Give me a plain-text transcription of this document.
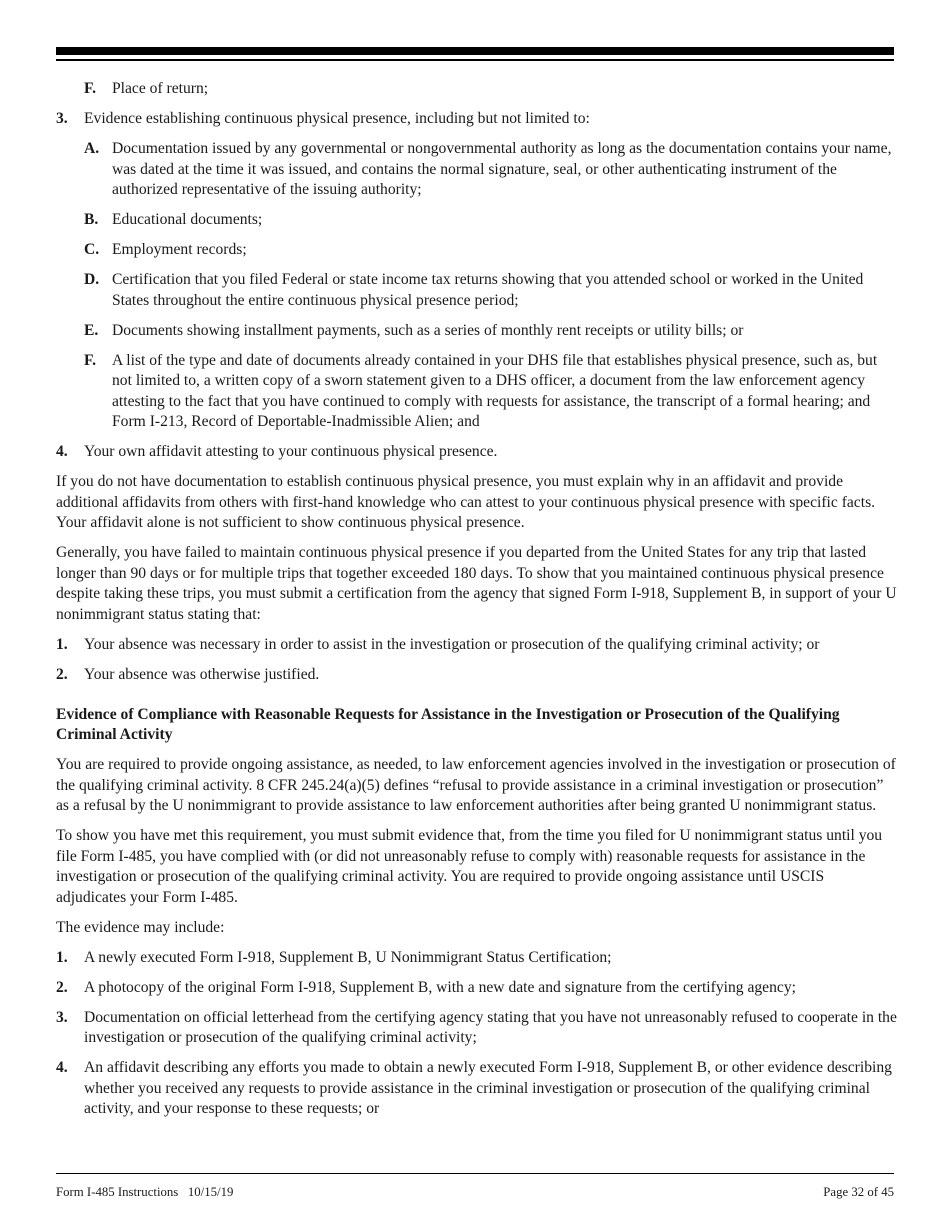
F.	Place of return;
3.	Evidence establishing continuous physical presence, including but not limited to:
A. Documentation issued by any governmental or nongovernmental authority as long as the documentation contains your name, was dated at the time it was issued, and contains the normal signature, seal, or other authenticating instrument of the authorized representative of the issuing authority;
B. Educational documents;
C. Employment records;
D. Certification that you filed Federal or state income tax returns showing that you attended school or worked in the United States throughout the entire continuous physical presence period;
E. Documents showing installment payments, such as a series of monthly rent receipts or utility bills; or
F.	A list of the type and date of documents already contained in your DHS file that establishes physical presence, such as, but not limited to, a written copy of a sworn statement given to a DHS officer, a document from the law enforcement agency attesting to the fact that you have continued to comply with requests for assistance, the transcript of a formal hearing; and Form I-213, Record of Deportable-Inadmissible Alien; and
4.	Your own affidavit attesting to your continuous physical presence.

If you do not have documentation to establish continuous physical presence, you must explain why in an affidavit and provide additional affidavits from others with first-hand knowledge who can attest to your continuous physical presence with specific facts. Your affidavit alone is not sufficient to show continuous physical presence.

Generally, you have failed to maintain continuous physical presence if you departed from the United States for any trip that lasted longer than 90 days or for multiple trips that together exceeded 180 days. To show that you maintained continuous physical presence despite taking these trips, you must submit a certification from the agency that signed Form I-918, Supplement B, in support of your U nonimmigrant status stating that:

1.	Your absence was necessary in order to assist in the investigation or prosecution of the qualifying criminal activity; or
2.	Your absence was otherwise justified.

Evidence of Compliance with Reasonable Requests for Assistance in the Investigation or Prosecution of the Qualifying Criminal Activity

You are required to provide ongoing assistance, as needed, to law enforcement agencies involved in the investigation or prosecution of the qualifying criminal activity. 8 CFR 245.24(a)(5) defines “refusal to provide assistance in a criminal investigation or prosecution” as a refusal by the U nonimmigrant to provide assistance to law enforcement authorities after being granted U nonimmigrant status.

To show you have met this requirement, you must submit evidence that, from the time you filed for U nonimmigrant status until you file Form I-485, you have complied with (or did not unreasonably refuse to comply with) reasonable requests for assistance in the investigation or prosecution of the qualifying criminal activity. You are required to provide ongoing assistance until USCIS adjudicates your Form I-485.

The evidence may include:

1.	A newly executed Form I-918, Supplement B, U Nonimmigrant Status Certification;
2.	A photocopy of the original Form I-918, Supplement B, with a new date and signature from the certifying agency;
3.	Documentation on official letterhead from the certifying agency stating that you have not unreasonably refused to cooperate in the investigation or prosecution of the qualifying criminal activity;
4.	An affidavit describing any efforts you made to obtain a newly executed Form I-918, Supplement B, or other evidence describing whether you received any requests to provide assistance in the criminal investigation or prosecution of the qualifying criminal activity, and your response to these requests; or
Form I-485 Instructions   10/15/19	Page 32 of 45
